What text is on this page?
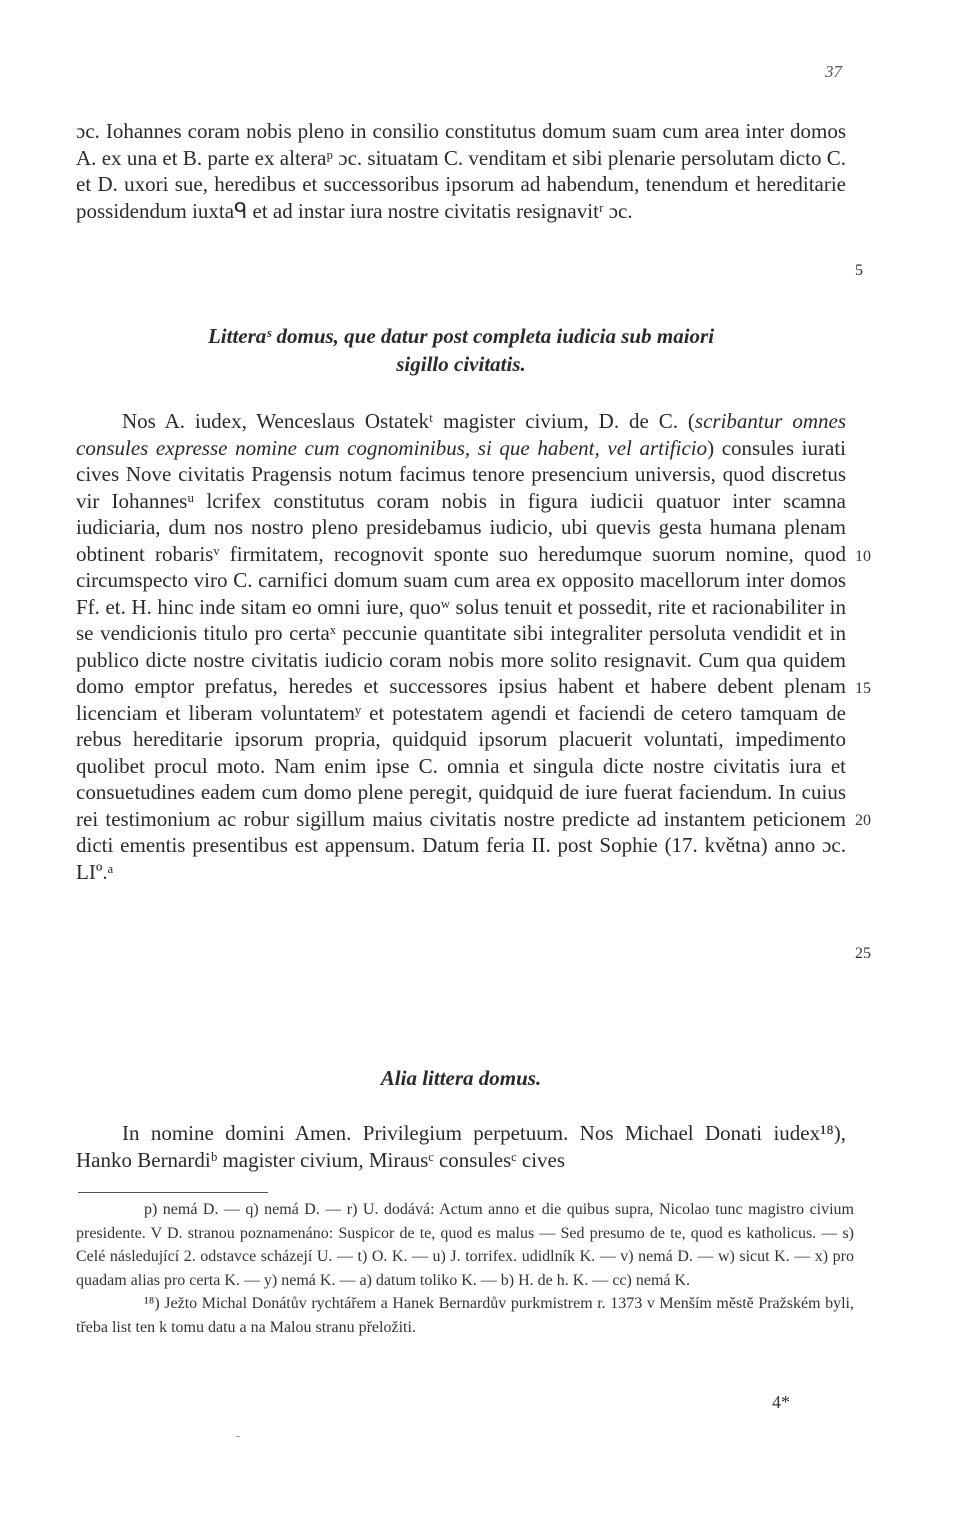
37

ɔc. Iohannes coram nobis pleno in consilio constitutus domum suam cum area inter domos A. ex una et B. parte ex alteraᵖ ɔc. situatam C. venditam et sibi plenarie persolutam dicto C. et D. uxori sue, heredibus et successoribus ipsorum ad habendum, tenendum et hereditarie possidendum iuxtaᑫ et ad instar iura nostre civitatis resignavitʳ ɔc.

Litteraˢ domus, que datur post completa iudicia sub maiori
sigillo civitatis.

Nos A. iudex, Wenceslaus Ostatekᵗ magister civium, D. de C. (scribantur omnes consules expresse nomine cum cognominibus, si que habent, vel artificio) consules iurati cives Nove civitatis Pragensis notum facimus tenore presencium universis, quod discretus vir Iohannesᵘ lcrifex constitutus coram nobis in figura iudicii quatuor inter scamna iudiciaria, dum nos nostro pleno presidebamus iudicio, ubi quevis gesta humana plenam obtinent robarisᵛ firmitatem, recognovit sponte suo heredumque suorum nomine, quod circumspecto viro C. carnifici domum suam cum area ex opposito macellorum inter domos Ff. et. H. hinc inde sitam eo omni iure, quoʷ solus tenuit et possedit, rite et racionabiliter in se vendicionis titulo pro certaˣ peccunie quantitate sibi integraliter persoluta vendidit et in publico dicte nostre civitatis iudicio coram nobis more solito resignavit. Cum qua quidem domo emptor prefatus, heredes et successores ipsius habent et habere debent plenam licenciam et liberam voluntatemʸ et potestatem agendi et faciendi de cetero tamquam de rebus hereditarie ipsorum propria, quidquid ipsorum placuerit voluntati, impedimento quolibet procul moto. Nam enim ipse C. omnia et singula dicte nostre civitatis iura et consuetudines eadem cum domo plene peregit, quidquid de iure fuerat faciendum. In cuius rei testimonium ac robur sigillum maius civitatis nostre predicte ad instantem peticionem dicti ementis presentibus est appensum. Datum feria II. post Sophie (17. května) anno ɔc. LIº.ᵃ

5
10
15
20
25
Alia littera domus.

In nomine domini Amen. Privilegium perpetuum. Nos Michael Donati iudex¹⁸), Hanko Bernardiᵇ magister civium, Mirausᶜ consulesᶜ cives

p) nemá D. — q) nemá D. — r) U. dodává: Actum anno et die quibus supra, Nicolao tunc magistro civium presidente. V D. stranou poznamenáno: Suspicor de te, quod es malus — Sed presumo de te, quod es katholicus. — s) Celé následující 2. odstavce scházejí U. — t) O. K. — u) J. torrifex. udidlník K. — v) nemá D. — w) sicut K. — x) pro quadam alias pro certa K. — y) nemá K. — a) datum toliko K. — b) H. de h. K. — cc) nemá K.

¹⁸) Ježto Michal Donátův rychtářem a Hanek Bernardův purkmistrem r. 1373 v Menším městě Pražském byli, třeba list ten k tomu datu a na Malou stranu přeložiti.

4*
